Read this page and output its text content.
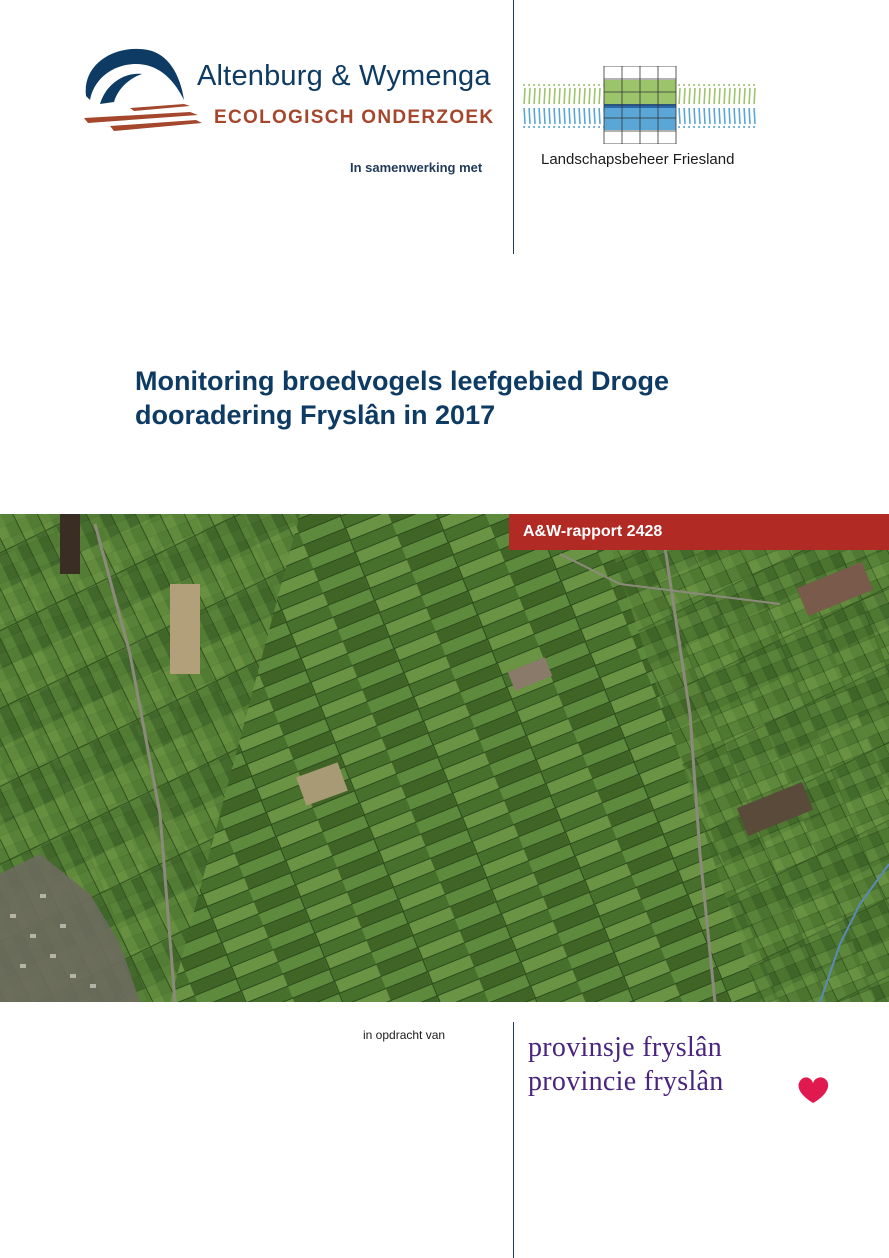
Altenburg & Wymenga
ECOLOGISCH ONDERZOEK
In samenwerking met	Landschapsbeheer Friesland
Monitoring broedvogels leefgebied Droge dooradering Fryslân in 2017
A&W-rapport 2428
in opdracht van	provinsje fryslân
provincie fryslân
